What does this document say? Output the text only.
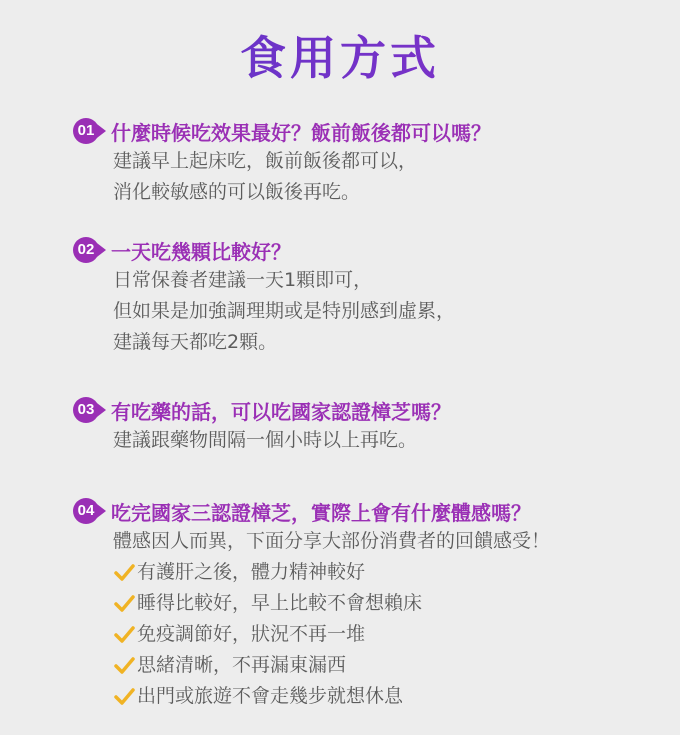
食用方式
01 什麼時候吃效果最好？飯前飯後都可以嗎？
建議早上起床吃，飯前飯後都可以，
消化較敏感的可以飯後再吃。
02 一天吃幾顆比較好？
日常保養者建議一天1顆即可，
但如果是加強調理期或是特別感到虛累，
建議每天都吃2顆。
03 有吃藥的話，可以吃國家認證樟芝嗎？
建議跟藥物間隔一個小時以上再吃。
04 吃完國家三認證樟芝，實際上會有什麼體感嗎？
體感因人而異，下面分享大部份消費者的回饋感受！
有護肝之後，體力精神較好
睡得比較好，早上比較不會想賴床
免疫調節好，狀況不再一堆
思緒清晰，不再漏東漏西
出門或旅遊不會走幾步就想休息
